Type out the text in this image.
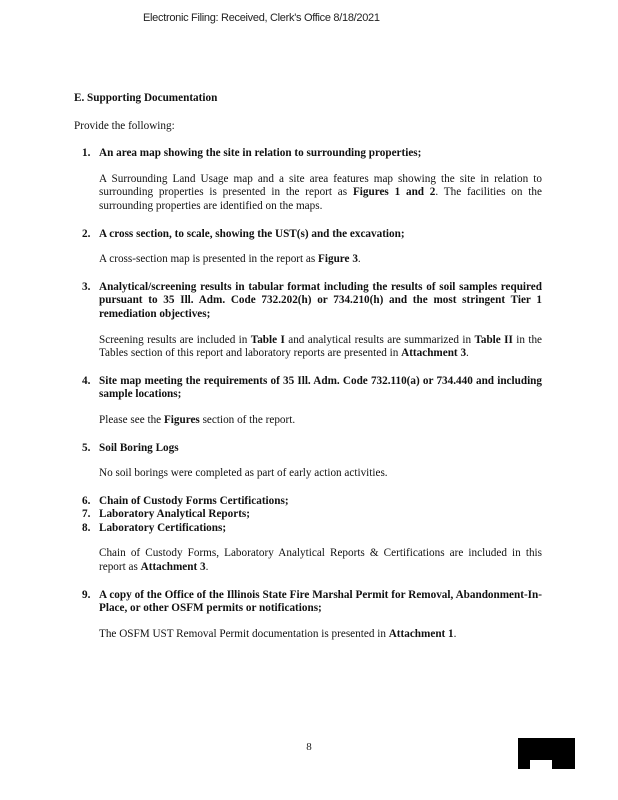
Electronic Filing: Received, Clerk's Office 8/18/2021

E. Supporting Documentation

Provide the following:

1. An area map showing the site in relation to surrounding properties;
A Surrounding Land Usage map and a site area features map showing the site in relation to surrounding properties is presented in the report as Figures 1 and 2. The facilities on the surrounding properties are identified on the maps.
2. A cross section, to scale, showing the UST(s) and the excavation;
A cross-section map is presented in the report as Figure 3.
3. Analytical/screening results in tabular format including the results of soil samples required pursuant to 35 Ill. Adm. Code 732.202(h) or 734.210(h) and the most stringent Tier 1 remediation objectives;
Screening results are included in Table I and analytical results are summarized in Table II in the Tables section of this report and laboratory reports are presented in Attachment 3.
4. Site map meeting the requirements of 35 Ill. Adm. Code 732.110(a) or 734.440 and including sample locations;
Please see the Figures section of the report.
5. Soil Boring Logs
No soil borings were completed as part of early action activities.
6. Chain of Custody Forms Certifications;
7. Laboratory Analytical Reports;
8. Laboratory Certifications;
Chain of Custody Forms, Laboratory Analytical Reports & Certifications are included in this report as Attachment 3.
9. A copy of the Office of the Illinois State Fire Marshal Permit for Removal, Abandonment-In-Place, or other OSFM permits or notifications;
The OSFM UST Removal Permit documentation is presented in Attachment 1.
8
